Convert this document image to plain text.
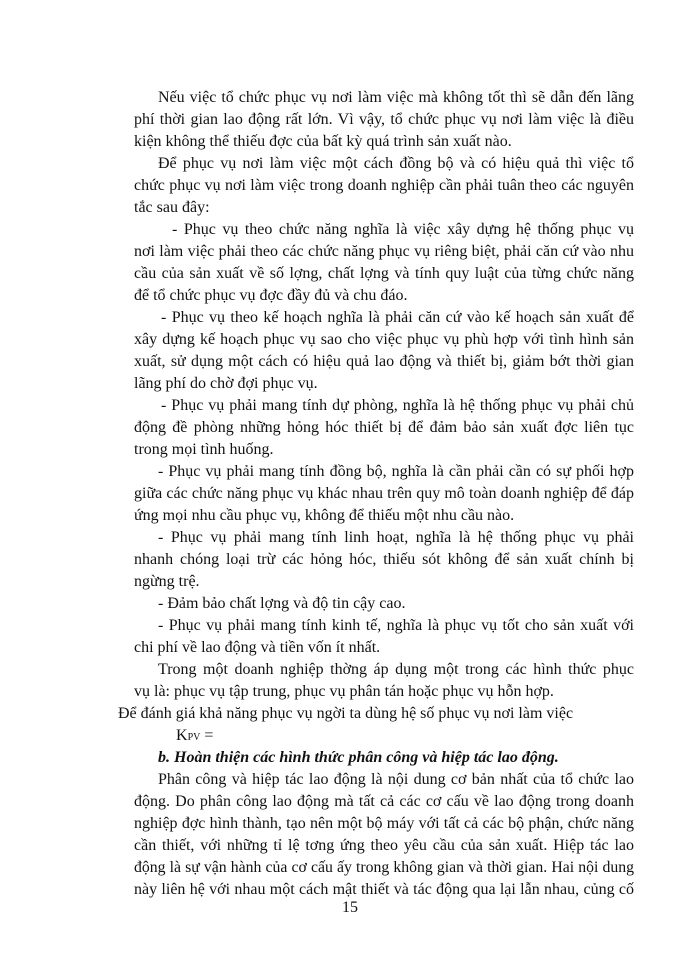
Nếu việc tổ chức phục vụ nơi làm việc mà không tốt thì sẽ dẫn đến lãng
phí thời gian lao động rất lớn. Vì vậy, tổ chức phục vụ nơi làm việc là điều
kiện không thể thiếu đợc của bất kỳ quá trình sản xuất nào.
Để phục vụ nơi làm việc một cách đồng bộ và có hiệu quả thì việc tổ
chức phục vụ nơi làm việc trong doanh nghiệp cần phải tuân theo các nguyên
tắc sau đây:
- Phục vụ theo chức năng nghĩa là việc xây dựng hệ thống phục vụ
nơi làm việc phải theo các chức năng phục vụ riêng biệt, phải căn cứ vào nhu
cầu của sản xuất về số lợng, chất lợng và tính quy luật của từng chức năng
để tổ chức phục vụ đợc đầy đủ và chu đáo.
- Phục vụ theo kế hoạch nghĩa là phải căn cứ vào kế hoạch sản xuất để
xây dựng kế hoạch phục vụ sao cho việc phục vụ phù hợp với tình hình sản
xuất, sử dụng một cách có hiệu quả lao động và thiết bị, giảm bớt thời gian
lãng phí do chờ đợi phục vụ.
- Phục vụ phải mang tính dự phòng, nghĩa là hệ thống phục vụ phải chủ
động đề phòng những hỏng hóc thiết bị để đảm bảo sản xuất đợc liên tục
trong mọi tình huống.
- Phục vụ phải mang tính đồng bộ, nghĩa là cần phải cần có sự phối hợp
giữa các chức năng phục vụ khác nhau trên quy mô toàn doanh nghiệp để đáp
ứng mọi nhu cầu phục vụ, không để thiếu một nhu cầu nào.
- Phục vụ phải mang tính linh hoạt, nghĩa là hệ thống phục vụ phải
nhanh chóng loại trừ các hỏng hóc, thiếu sót không để sản xuất chính bị
ngừng trệ.
- Đảm bảo chất lợng và độ tin cậy cao.
- Phục vụ phải mang tính kinh tế, nghĩa là phục vụ tốt cho sản xuất với
chi phí về lao động và tiền vốn ít nhất.
Trong một doanh nghiệp thờng áp dụng một trong các hình thức phục
vụ là: phục vụ tập trung, phục vụ phân tán hoặc phục vụ hỗn hợp.
Để đánh giá khả năng phục vụ ngời ta dùng hệ số phục vụ nơi làm việc
KPV =
b. Hoàn thiện các hình thức phân công và hiệp tác lao động.
Phân công và hiệp tác lao động là nội dung cơ bản nhất của tổ chức lao
động. Do phân công lao động mà tất cả các cơ cấu về lao động trong doanh
nghiệp đợc hình thành, tạo nên một bộ máy với tất cả các bộ phận, chức năng
cần thiết, với những tỉ lệ tơng ứng theo yêu cầu của sản xuất. Hiệp tác lao
động là sự vận hành của cơ cấu ấy trong không gian và thời gian. Hai nội dung
này liên hệ với nhau một cách mật thiết và tác động qua lại lẫn nhau, củng cố
15
